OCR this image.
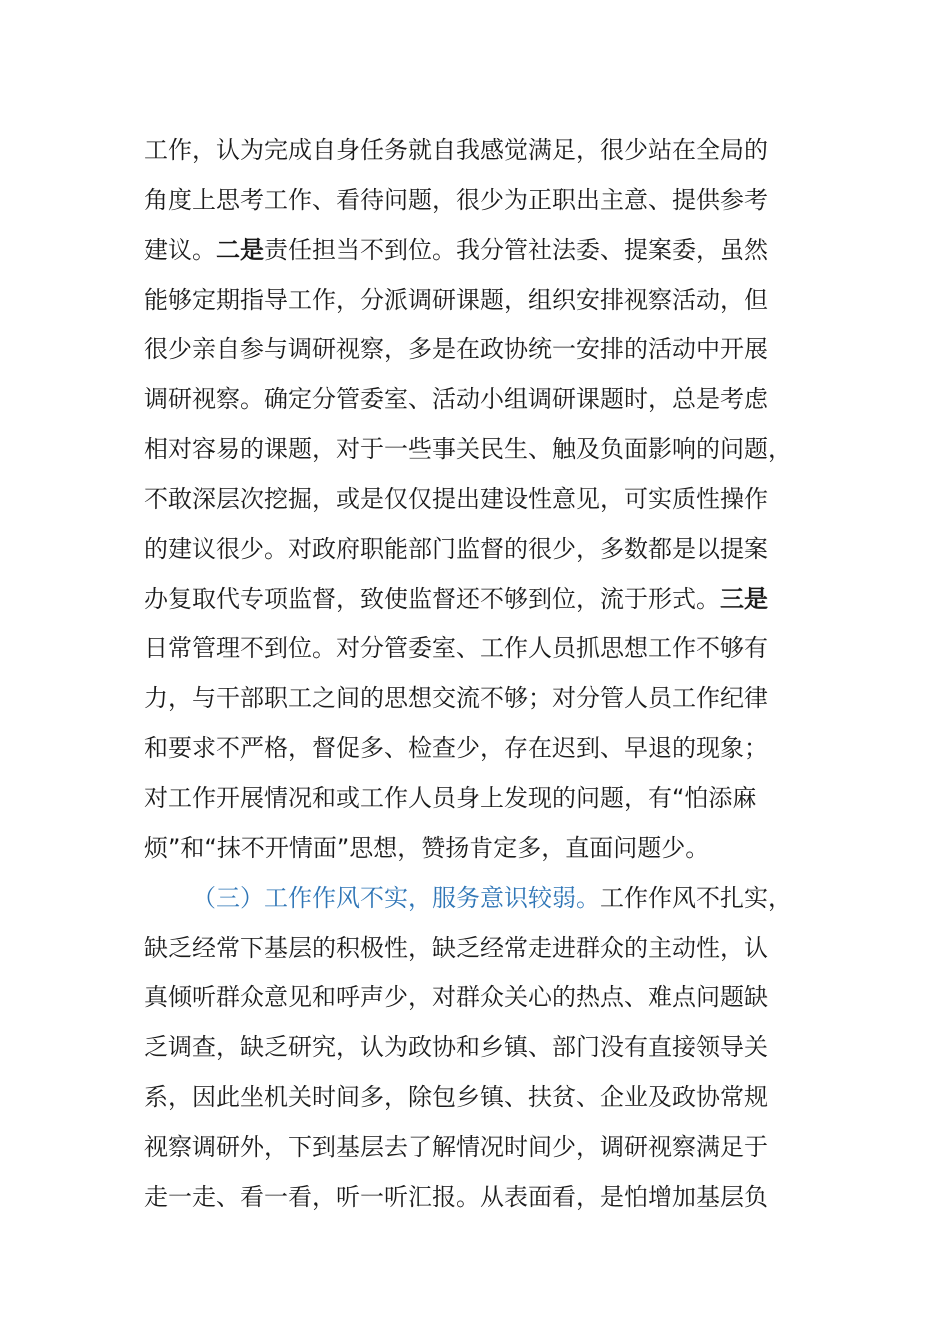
工作，认为完成自身任务就自我感觉满足，很少站在全局的
角度上思考工作、看待问题，很少为正职出主意、提供参考
建议。二是责任担当不到位。我分管社法委、提案委，虽然
能够定期指导工作，分派调研课题，组织安排视察活动，但
很少亲自参与调研视察，多是在政协统一安排的活动中开展
调研视察。确定分管委室、活动小组调研课题时，总是考虑
相对容易的课题，对于一些事关民生、触及负面影响的问题，
不敢深层次挖掘，或是仅仅提出建设性意见，可实质性操作
的建议很少。对政府职能部门监督的很少，多数都是以提案
办复取代专项监督，致使监督还不够到位，流于形式。三是
日常管理不到位。对分管委室、工作人员抓思想工作不够有
力，与干部职工之间的思想交流不够；对分管人员工作纪律
和要求不严格，督促多、检查少，存在迟到、早退的现象；
对工作开展情况和或工作人员身上发现的问题，有“怕添麻
烦”和“抹不开情面”思想，赞扬肯定多，直面问题少。
（三）工作作风不实，服务意识较弱。工作作风不扎实，
缺乏经常下基层的积极性，缺乏经常走进群众的主动性，认
真倾听群众意见和呼声少，对群众关心的热点、难点问题缺
乏调查，缺乏研究，认为政协和乡镇、部门没有直接领导关
系，因此坐机关时间多，除包乡镇、扶贫、企业及政协常规
视察调研外，下到基层去了解情况时间少，调研视察满足于
走一走、看一看，听一听汇报。从表面看，是怕增加基层负
